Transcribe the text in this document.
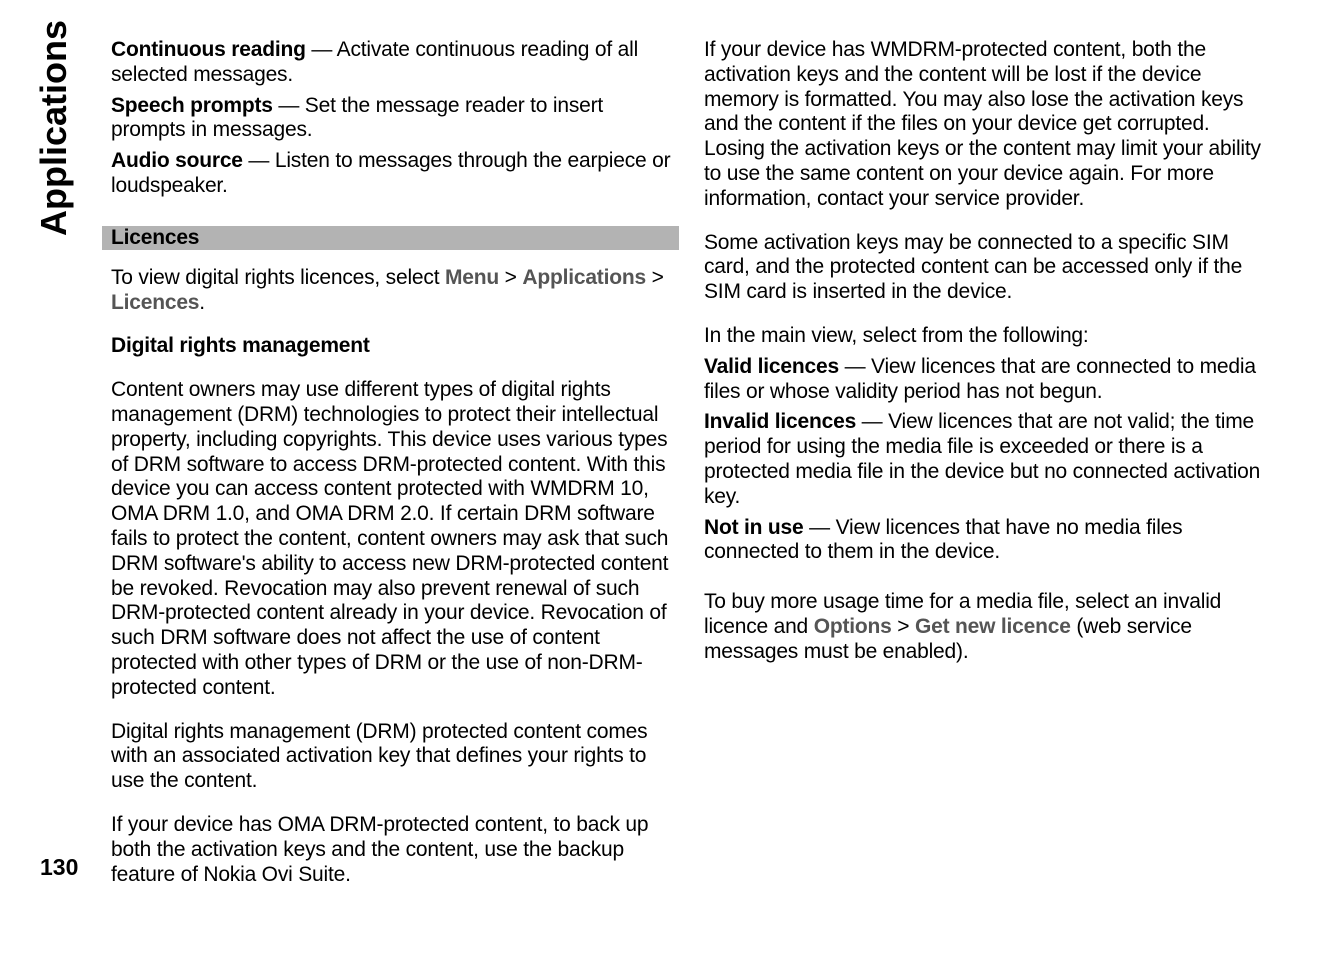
Applications
130

Continuous reading — Activate continuous reading of all selected messages.

Speech prompts — Set the message reader to insert prompts in messages.

Audio source — Listen to messages through the earpiece or loudspeaker.

Licences

To view digital rights licences, select Menu > Applications > Licences.

Digital rights management

Content owners may use different types of digital rights management (DRM) technologies to protect their intellectual property, including copyrights. This device uses various types of DRM software to access DRM-protected content. With this device you can access content protected with WMDRM 10, OMA DRM 1.0, and OMA DRM 2.0. If certain DRM software fails to protect the content, content owners may ask that such DRM software's ability to access new DRM-protected content be revoked. Revocation may also prevent renewal of such DRM-protected content already in your device. Revocation of such DRM software does not affect the use of content protected with other types of DRM or the use of non-DRM-protected content.

Digital rights management (DRM) protected content comes with an associated activation key that defines your rights to use the content.

If your device has OMA DRM-protected content, to back up both the activation keys and the content, use the backup feature of Nokia Ovi Suite.

If your device has WMDRM-protected content, both the activation keys and the content will be lost if the device memory is formatted. You may also lose the activation keys and the content if the files on your device get corrupted. Losing the activation keys or the content may limit your ability to use the same content on your device again. For more information, contact your service provider.

Some activation keys may be connected to a specific SIM card, and the protected content can be accessed only if the SIM card is inserted in the device.

In the main view, select from the following:

Valid licences — View licences that are connected to media files or whose validity period has not begun.

Invalid licences — View licences that are not valid; the time period for using the media file is exceeded or there is a protected media file in the device but no connected activation key.

Not in use — View licences that have no media files connected to them in the device.

To buy more usage time for a media file, select an invalid licence and Options > Get new licence (web service messages must be enabled).
